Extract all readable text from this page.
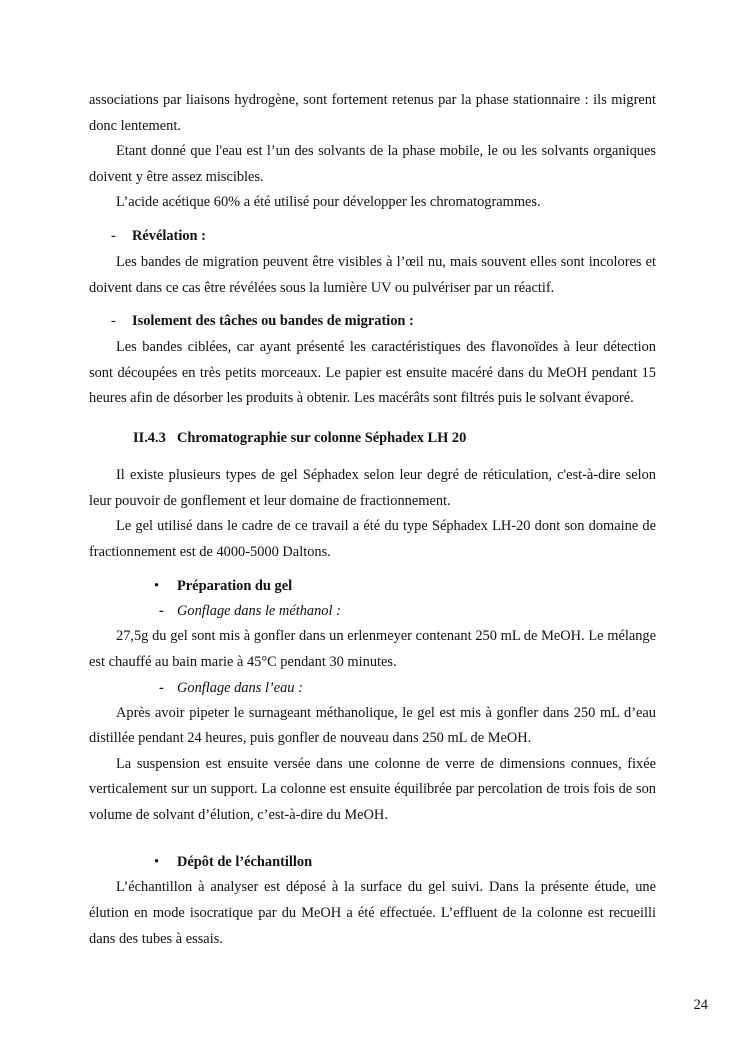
associations par liaisons hydrogène, sont fortement retenus par la phase stationnaire : ils migrent donc lentement.

Etant donné que l'eau est l’un des solvants de la phase mobile, le ou les solvants organiques doivent y être assez miscibles.

L’acide acétique 60% a été utilisé pour développer les chromatogrammes.

- Révélation :

Les bandes de migration peuvent être visibles à l’œil nu, mais souvent elles sont incolores et doivent dans ce cas être révélées sous la lumière UV ou pulvériser par un réactif.

- Isolement des tâches ou bandes de migration :

Les bandes ciblées, car ayant présenté les caractéristiques des flavonoïdes à leur détection sont découpées en très petits morceaux. Le papier est ensuite macéré dans du MeOH pendant 15 heures afin de désorber les produits à obtenir. Les macérâts sont filtrés puis le solvant évaporé.

II.4.3 Chromatographie sur colonne Séphadex LH 20

Il existe plusieurs types de gel Séphadex selon leur degré de réticulation, c'est-à-dire selon leur pouvoir de gonflement et leur domaine de fractionnement.

Le gel utilisé dans le cadre de ce travail a été du type Séphadex LH-20 dont son domaine de fractionnement est de 4000-5000 Daltons.

• Préparation du gel
- Gonflage dans le méthanol :

27,5g du gel sont mis à gonfler dans un erlenmeyer contenant 250 mL de MeOH. Le mélange est chauffé au bain marie à 45°C pendant 30 minutes.

- Gonflage dans l’eau :

Après avoir pipeter le surnageant méthanolique, le gel est mis à gonfler dans 250 mL d’eau distillée pendant 24 heures, puis gonfler de nouveau dans 250 mL de MeOH.

La suspension est ensuite versée dans une colonne de verre de dimensions connues, fixée verticalement sur un support. La colonne est ensuite équilibrée par percolation de trois fois de son volume de solvant d’élution, c’est-à-dire du MeOH.

• Dépôt de l’échantillon

L’échantillon à analyser est déposé à la surface du gel suivi. Dans la présente étude, une élution en mode isocratique par du MeOH a été effectuée. L’effluent de la colonne est recueilli dans des tubes à essais.

24
